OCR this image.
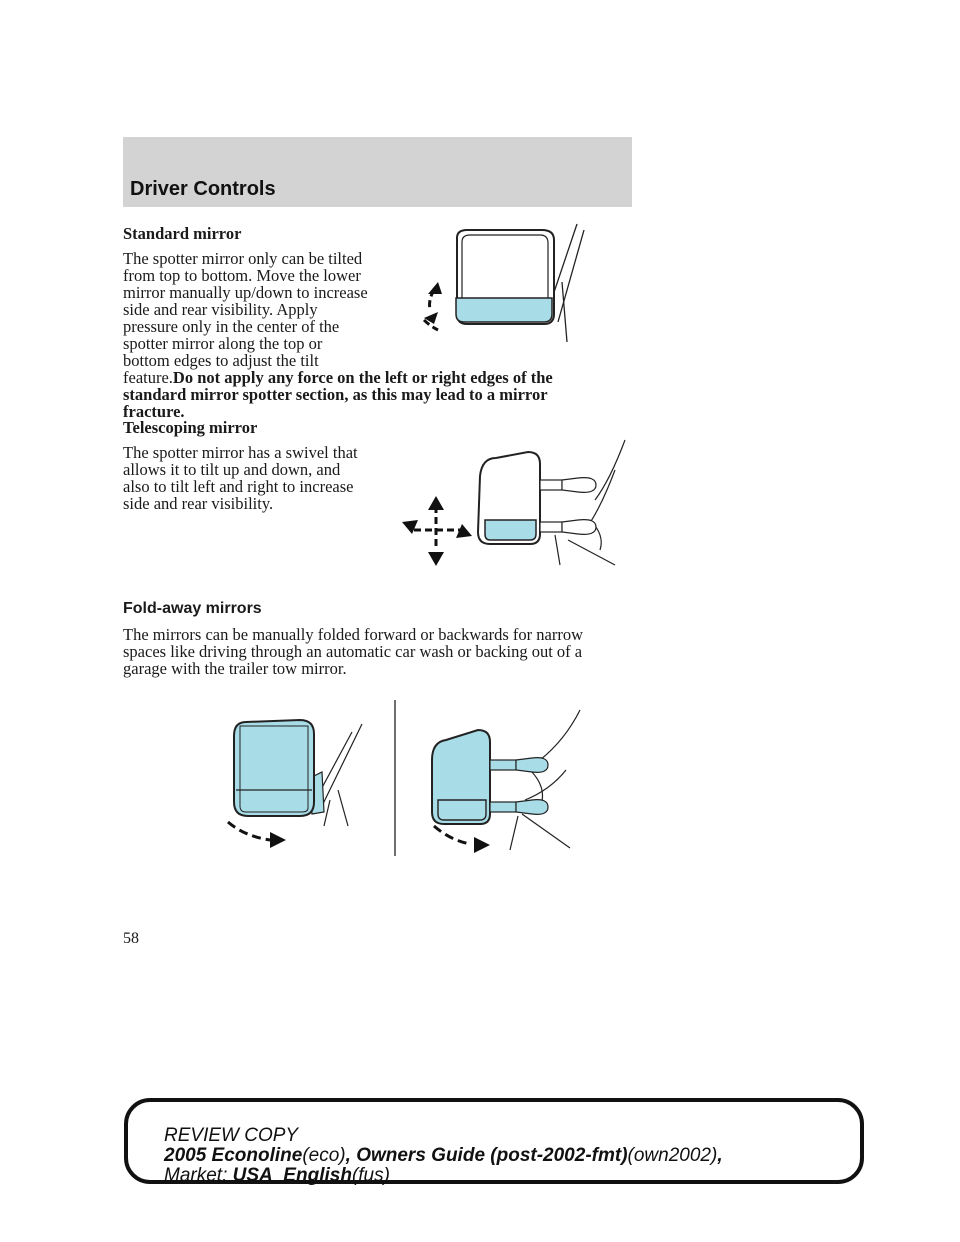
Driver Controls
Standard mirror
The spotter mirror only can be tilted
from top to bottom. Move the lower
mirror manually up/down to increase
side and rear visibility. Apply
pressure only in the center of the
spotter mirror along the top or
bottom edges to adjust the tilt
feature.Do not apply any force on the left or right edges of the
standard mirror spotter section, as this may lead to a mirror
fracture.
Telescoping mirror
The spotter mirror has a swivel that
allows it to tilt up and down, and
also to tilt left and right to increase
side and rear visibility.
Fold-away mirrors
The mirrors can be manually folded forward or backwards for narrow
spaces like driving through an automatic car wash or backing out of a
garage with the trailer tow mirror.
58
REVIEW COPY
2005 Econoline(eco), Owners Guide (post-2002-fmt)(own2002),
Market: USA_English(fus)
